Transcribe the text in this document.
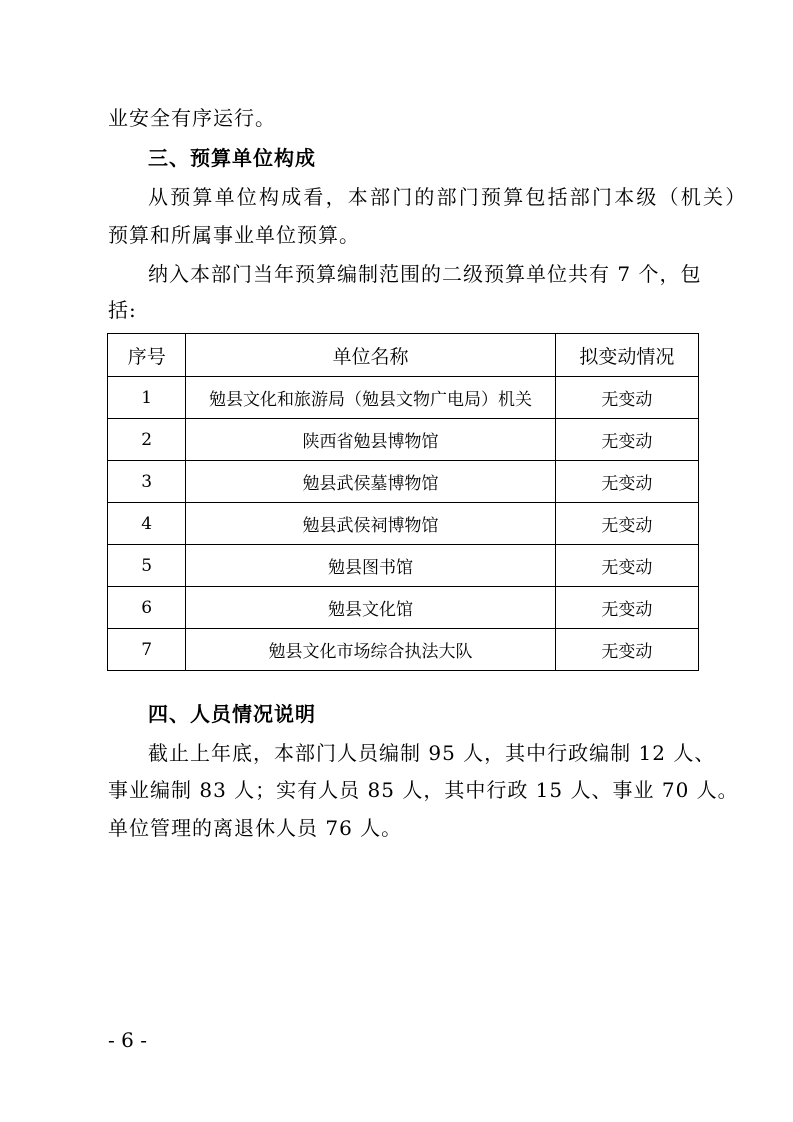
业安全有序运行。
三、预算单位构成
从预算单位构成看，本部门的部门预算包括部门本级（机关）
预算和所属事业单位预算。
纳入本部门当年预算编制范围的二级预算单位共有 7 个，包
括:
序号	单位名称	拟变动情况
1	勉县文化和旅游局（勉县文物广电局）机关	无变动
2	陕西省勉县博物馆	无变动
3	勉县武侯墓博物馆	无变动
4	勉县武侯祠博物馆	无变动
5	勉县图书馆	无变动
6	勉县文化馆	无变动
7	勉县文化市场综合执法大队	无变动
四、人员情况说明
截止上年底，本部门人员编制 95 人，其中行政编制 12 人、
事业编制 83 人；实有人员 85 人，其中行政 15 人、事业 70 人。
单位管理的离退休人员 76 人。
- 6 -
